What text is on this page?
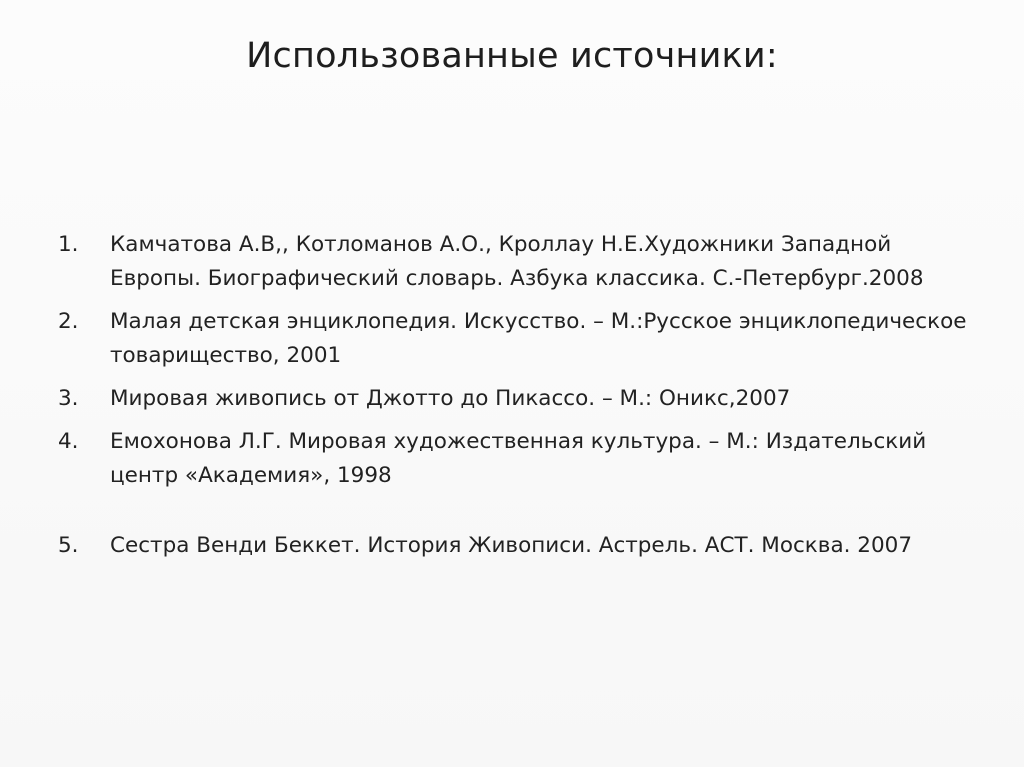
Использованные источники:
1.	Камчатова А.В,, Котломанов А.О., Кроллау Н.Е.Художники Западной Европы. Биографический словарь. Азбука классика. С.-Петербург.2008
2.	Малая детская энциклопедия. Искусство. – М.:Русское энциклопедическое товарищество, 2001
3.	Мировая живопись от Джотто до Пикассо. – М.: Оникс,2007
4.	Емохонова Л.Г. Мировая художественная культура. – М.: Издательский центр «Академия», 1998
5.	Сестра Венди Беккет. История Живописи. Астрель. АСТ. Москва. 2007
